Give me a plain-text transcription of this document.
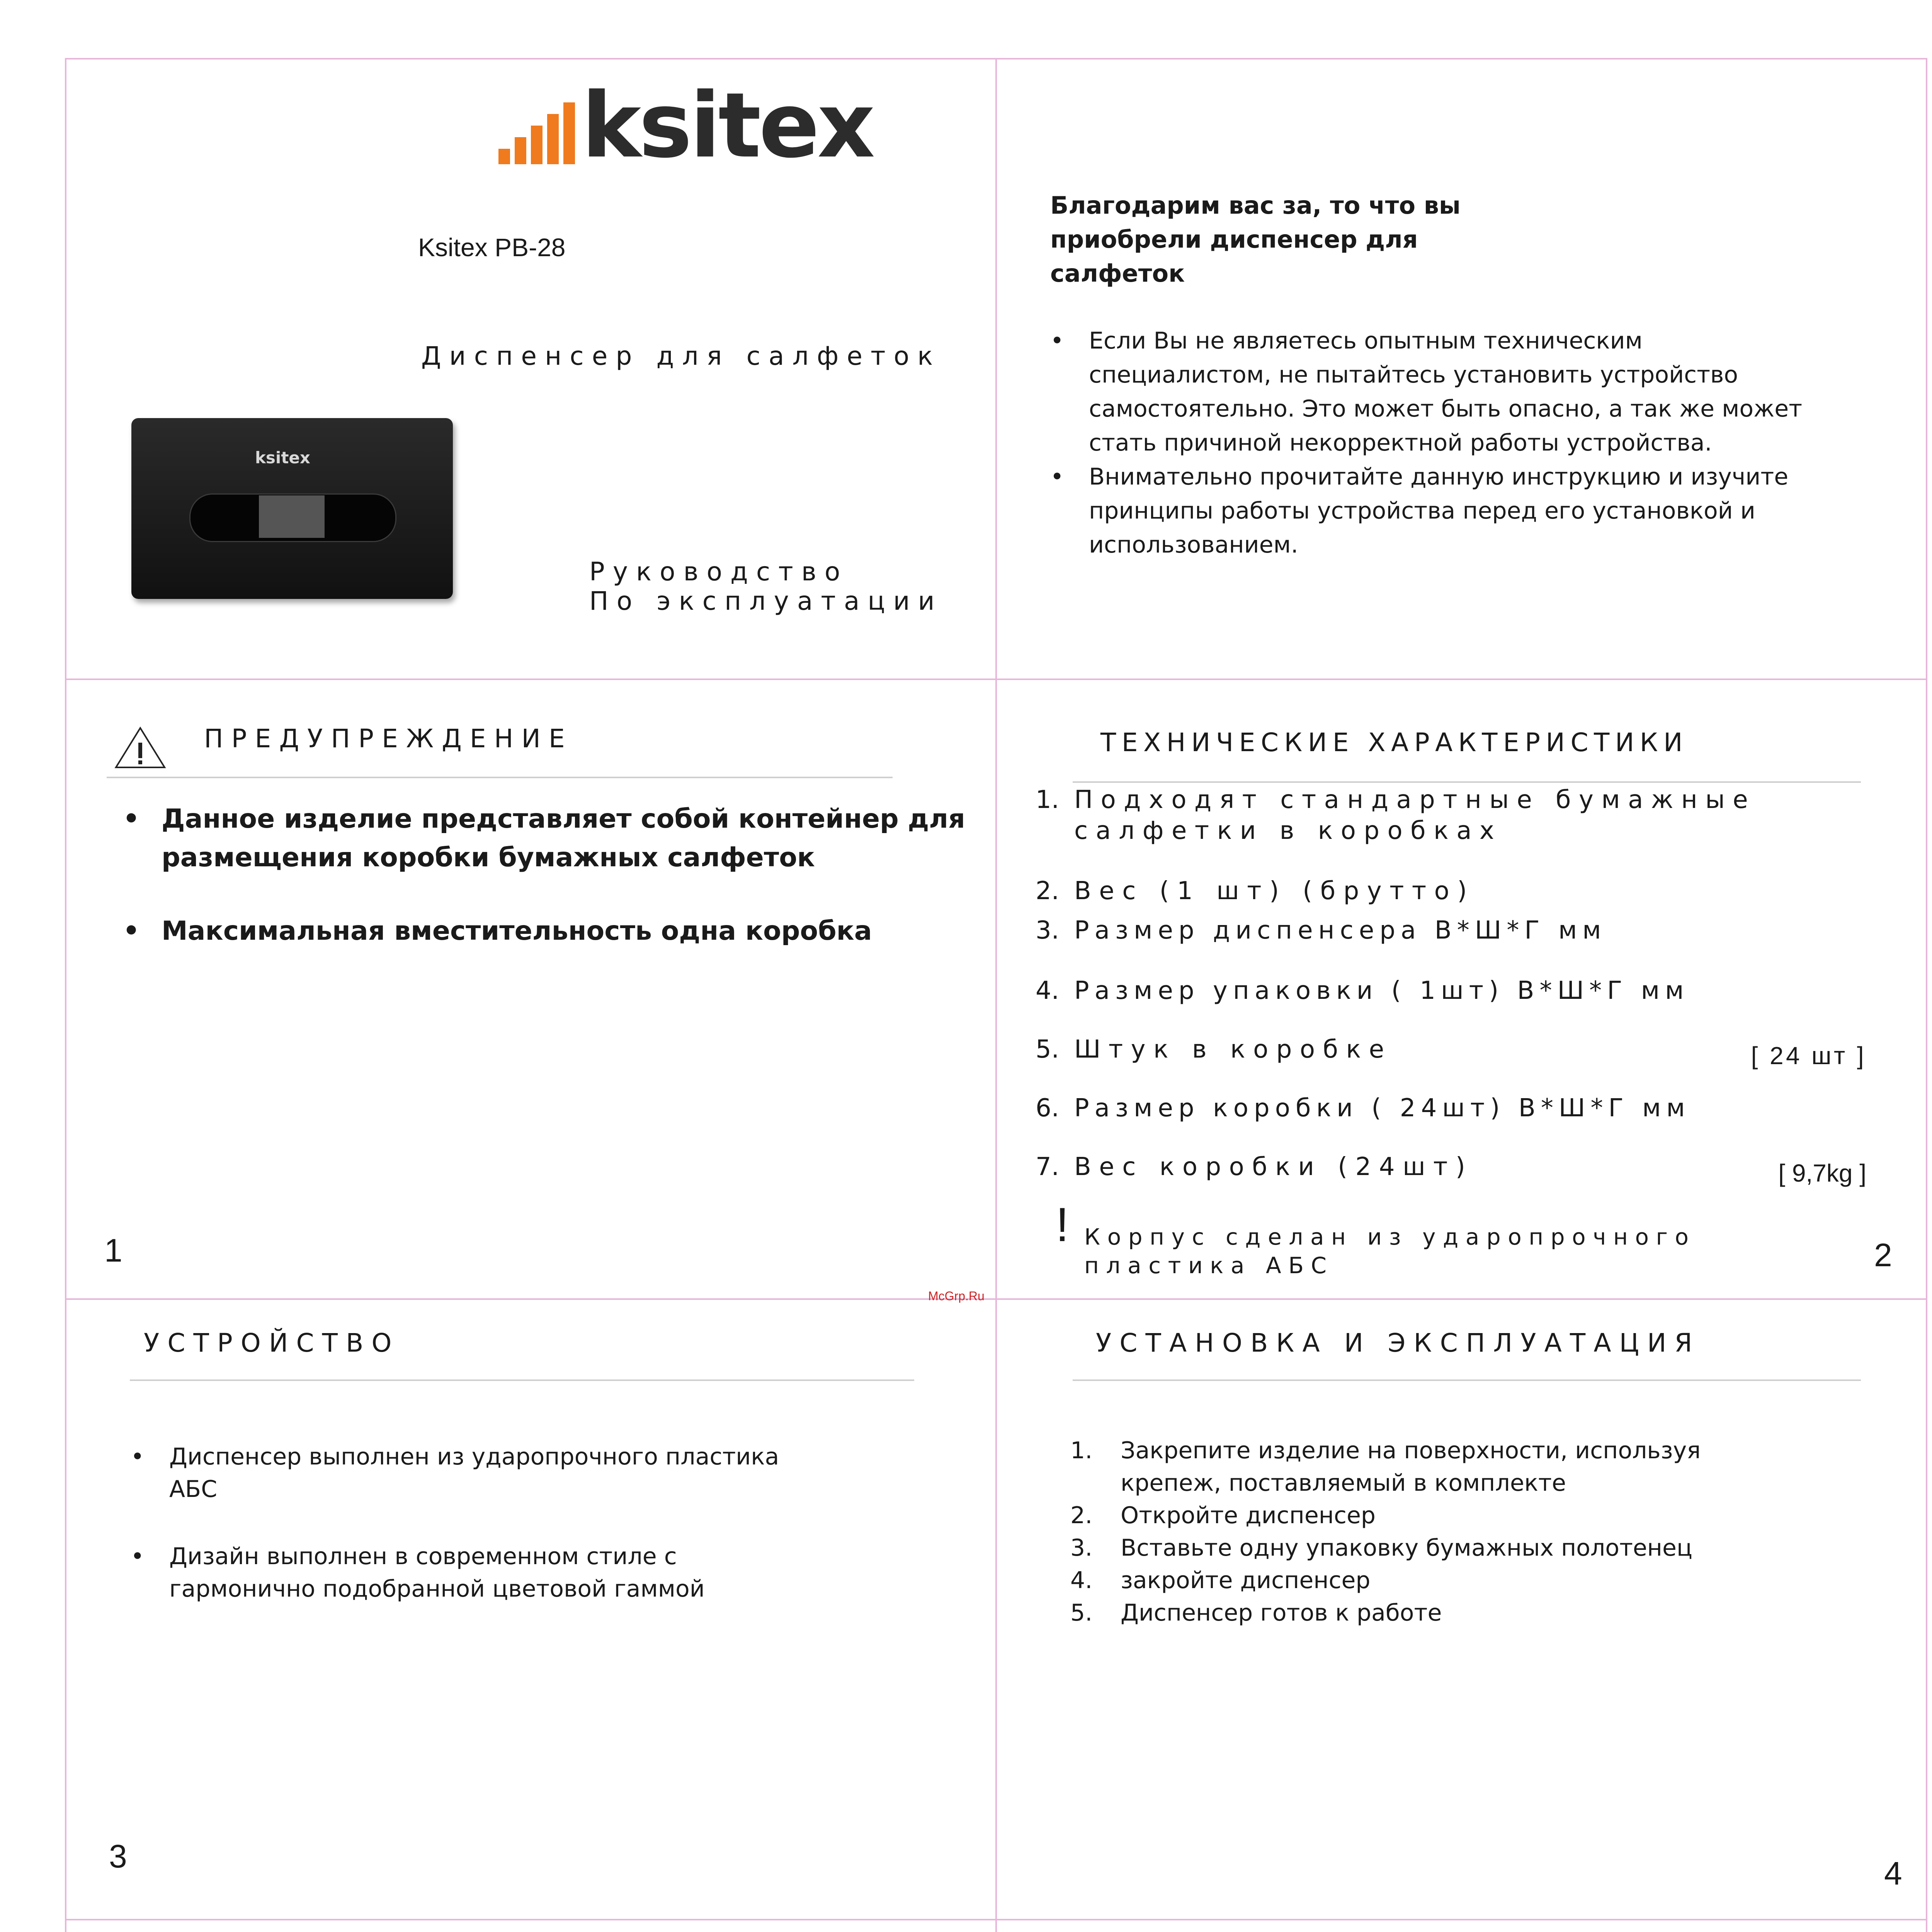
ksitex
Ksitex PB-28
Диспенсер для салфеток
ksitex
Руководство
По эксплуатации
Благодарим вас за, то что вы
приобрели диспенсер для
салфеток
• Если Вы не являетесь опытным техническим специалистом, не пытайтесь установить устройство самостоятельно. Это может быть опасно, а так же может стать причиной некорректной работы устройства.
• Внимательно прочитайте данную инструкцию и изучите принципы работы устройства перед его установкой и использованием.
ПРЕДУПРЕЖДЕНИЕ
• Данное изделие представляет собой контейнер для размещения коробки бумажных салфеток
• Максимальная вместительность одна коробка
1
ТЕХНИЧЕСКИЕ ХАРАКТЕРИСТИКИ
1. Подходят стандартные бумажные салфетки в коробках
2. Вес (1 шт) (брутто)
3. Размер диспенсера В*Ш*Г мм
4. Размер упаковки ( 1шт) В*Ш*Г мм
5. Штук в коробке	[ 24 шт ]
6. Размер коробки ( 24шт) В*Ш*Г мм
7. Вес коробки (24шт)	[ 9,7kg ]
! Корпус сделан из ударопрочного
пластика АБС	2
McGrp.Ru
УСТРОЙСТВО
• Диспенсер выполнен из ударопрочного пластика АБС
• Дизайн выполнен в современном стиле с гармонично подобранной цветовой гаммой
3
УСТАНОВКА И ЭКСПЛУАТАЦИЯ
1. Закрепите изделие на поверхности, используя крепеж, поставляемый в комплекте
2. Откройте диспенсер
3. Вставьте одну упаковку бумажных полотенец
4. закройте диспенсер
5. Диспенсер готов к работе
4
